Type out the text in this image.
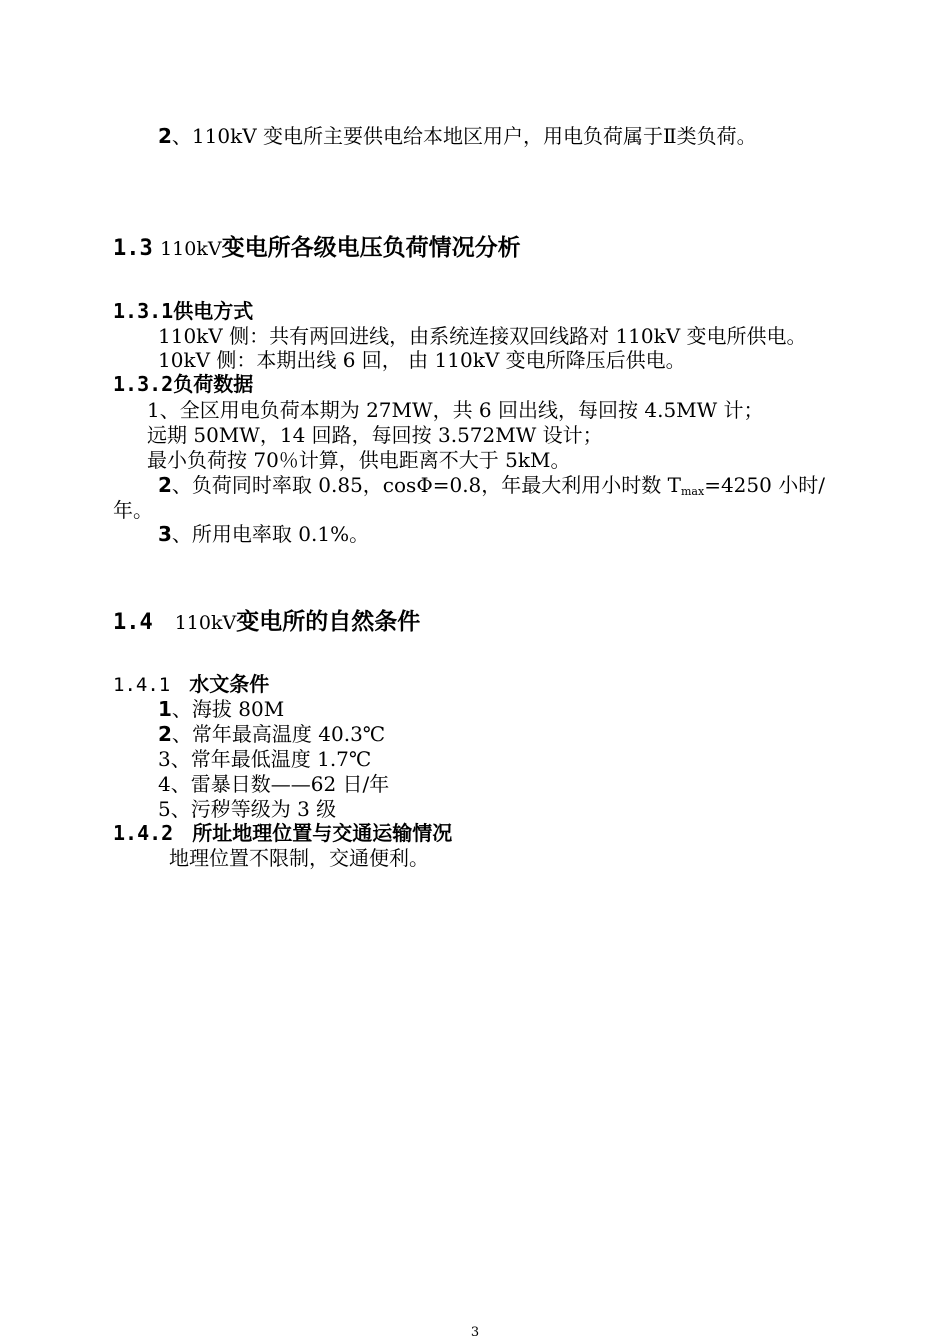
2、110kV 变电所主要供电给本地区用户，用电负荷属于Ⅱ类负荷。
1.3 110kV变电所各级电压负荷情况分析
1.3.1供电方式
110kV 侧：共有两回进线，由系统连接双回线路对 110kV 变电所供电。
10kV 侧：本期出线 6 回， 由 110kV 变电所降压后供电。
1.3.2负荷数据
1、全区用电负荷本期为 27MW，共 6 回出线，每回按 4.5MW 计；
远期 50MW，14 回路，每回按 3.572MW 设计；
最小负荷按 70％计算，供电距离不大于 5kM。
2、负荷同时率取 0.85，cosΦ=0.8，年最大利用小时数 $T_{max}=4250$ 小时/
年。
3、所用电率取 0.1%。
1.4 110kV变电所的自然条件
1.4.1 水文条件
1、海拔 80M
2、常年最高温度 40.3℃
3、常年最低温度 1.7℃
4、雷暴日数——62 日/年
5、污秽等级为 3 级
1.4.2 所址地理位置与交通运输情况
地理位置不限制，交通便利。
3
